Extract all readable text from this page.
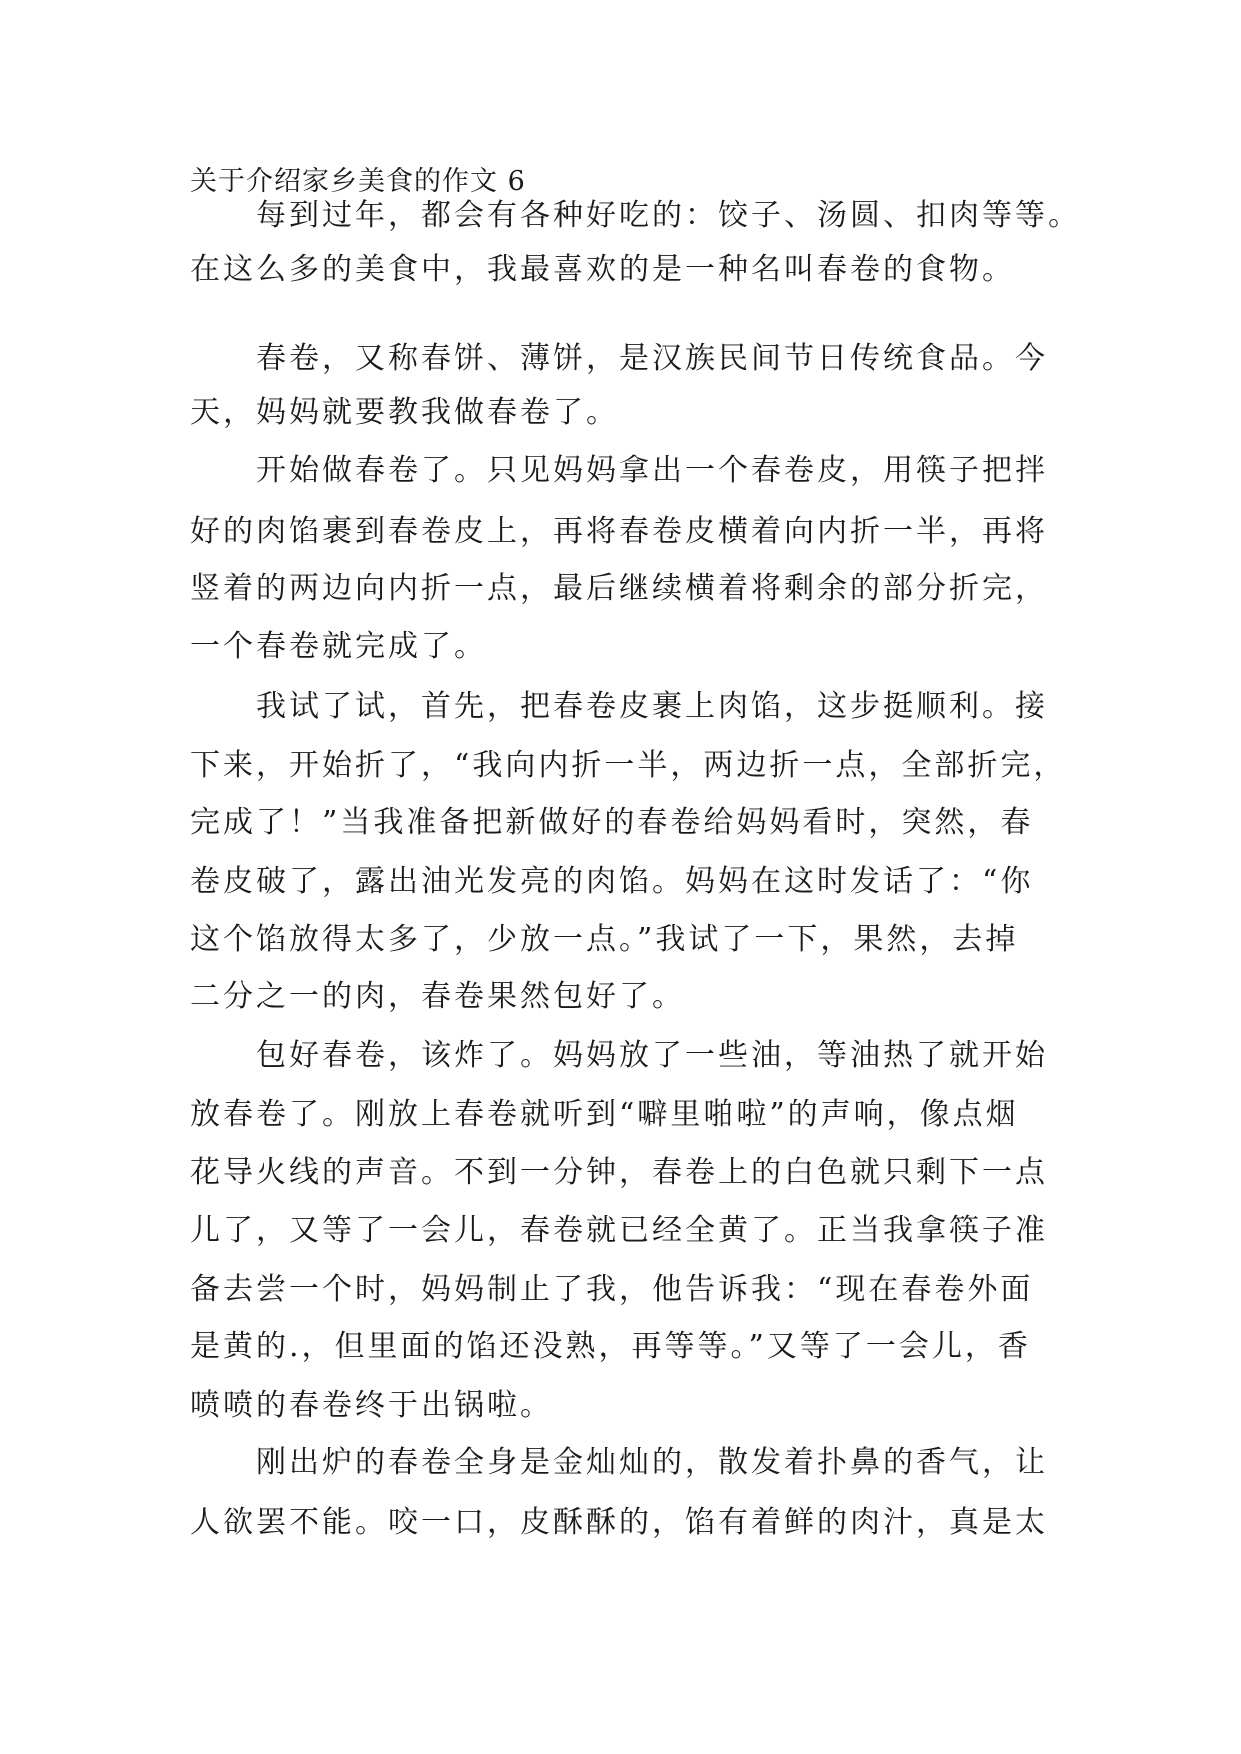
关于介绍家乡美食的作文 6
每到过年，都会有各种好吃的：饺子、汤圆、扣肉等等。
在这么多的美食中，我最喜欢的是一种名叫春卷的食物。
春卷，又称春饼、薄饼，是汉族民间节日传统食品。今
天，妈妈就要教我做春卷了。
开始做春卷了。只见妈妈拿出一个春卷皮，用筷子把拌
好的肉馅裹到春卷皮上，再将春卷皮横着向内折一半，再将
竖着的两边向内折一点，最后继续横着将剩余的部分折完，
一个春卷就完成了。
我试了试，首先，把春卷皮裹上肉馅，这步挺顺利。接
下来，开始折了，“我向内折一半，两边折一点，全部折完，
完成了！”当我准备把新做好的春卷给妈妈看时，突然，春
卷皮破了，露出油光发亮的肉馅。妈妈在这时发话了：“你
这个馅放得太多了，少放一点。”我试了一下，果然，去掉
二分之一的肉，春卷果然包好了。
包好春卷，该炸了。妈妈放了一些油，等油热了就开始
放春卷了。刚放上春卷就听到“噼里啪啦”的声响，像点烟
花导火线的声音。不到一分钟，春卷上的白色就只剩下一点
儿了，又等了一会儿，春卷就已经全黄了。正当我拿筷子准
备去尝一个时，妈妈制止了我，他告诉我：“现在春卷外面
是黄的.，但里面的馅还没熟，再等等。”又等了一会儿，香
喷喷的春卷终于出锅啦。
刚出炉的春卷全身是金灿灿的，散发着扑鼻的香气，让
人欲罢不能。咬一口，皮酥酥的，馅有着鲜的肉汁，真是太
